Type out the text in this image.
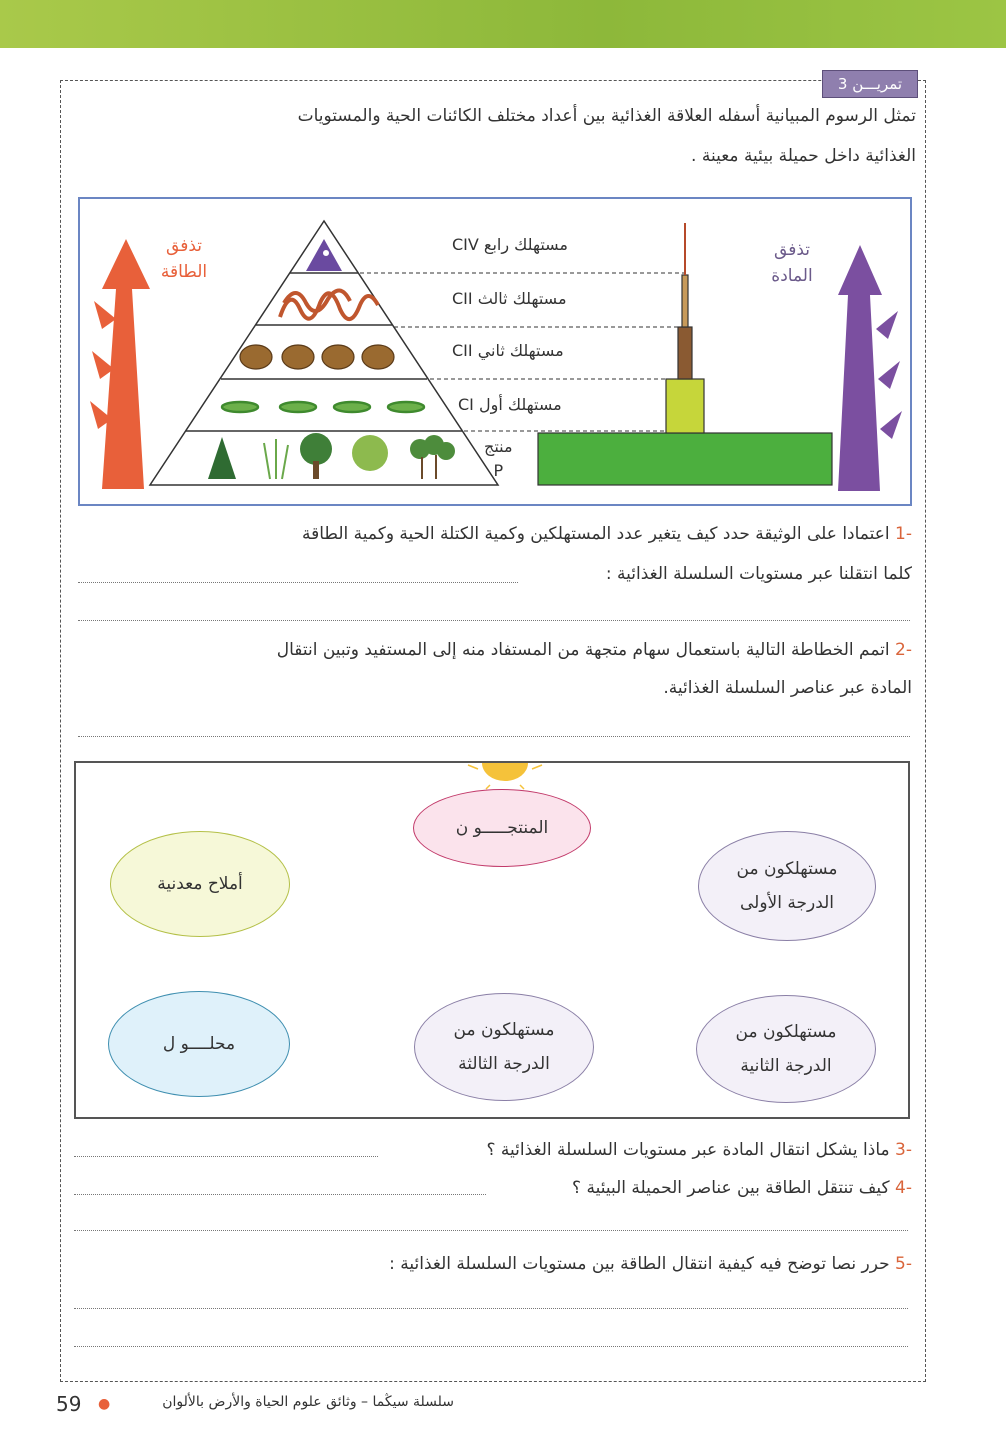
تمريـــن 3
تمثل الرسوم المبيانية أسفله العلاقة الغذائية بين أعداد مختلف الكائنات الحية والمستويات
الغذائية داخل حميلة بيئية معينة .
تذفق
الطاقة
تذفق
المادة
مستهلك رابع CIV
مستهلك ثالث CII
مستهلك ثاني CII
مستهلك أول CI
منتج
P
-1 اعتمادا على الوثيقة حدد كيف يتغير عدد المستهلكين وكمية الكتلة الحية وكمية الطاقة
كلما انتقلنا عبر مستويات السلسلة الغذائية :
-2 اتمم الخطاطة التالية باستعمال سهام متجهة من المستفاد منه إلى المستفيد وتبين انتقال
المادة عبر عناصر السلسلة الغذائية.
المنتجـــــو ن
أملاح معدنية
مستهلكون من
الدرجة الأولى
محلــــو ل
مستهلكون من
الدرجة الثالثة
مستهلكون من
الدرجة الثانية
-3 ماذا يشكل انتقال المادة عبر مستويات السلسلة الغذائية ؟
-4 كيف تنتقل الطاقة بين عناصر الحميلة البيئية ؟
-5 حرر نصا توضح فيه كيفية انتقال الطاقة بين مستويات السلسلة الغذائية :
59 ●	سلسلة سيڭما – وثائق علوم الحياة والأرض بالألوان
